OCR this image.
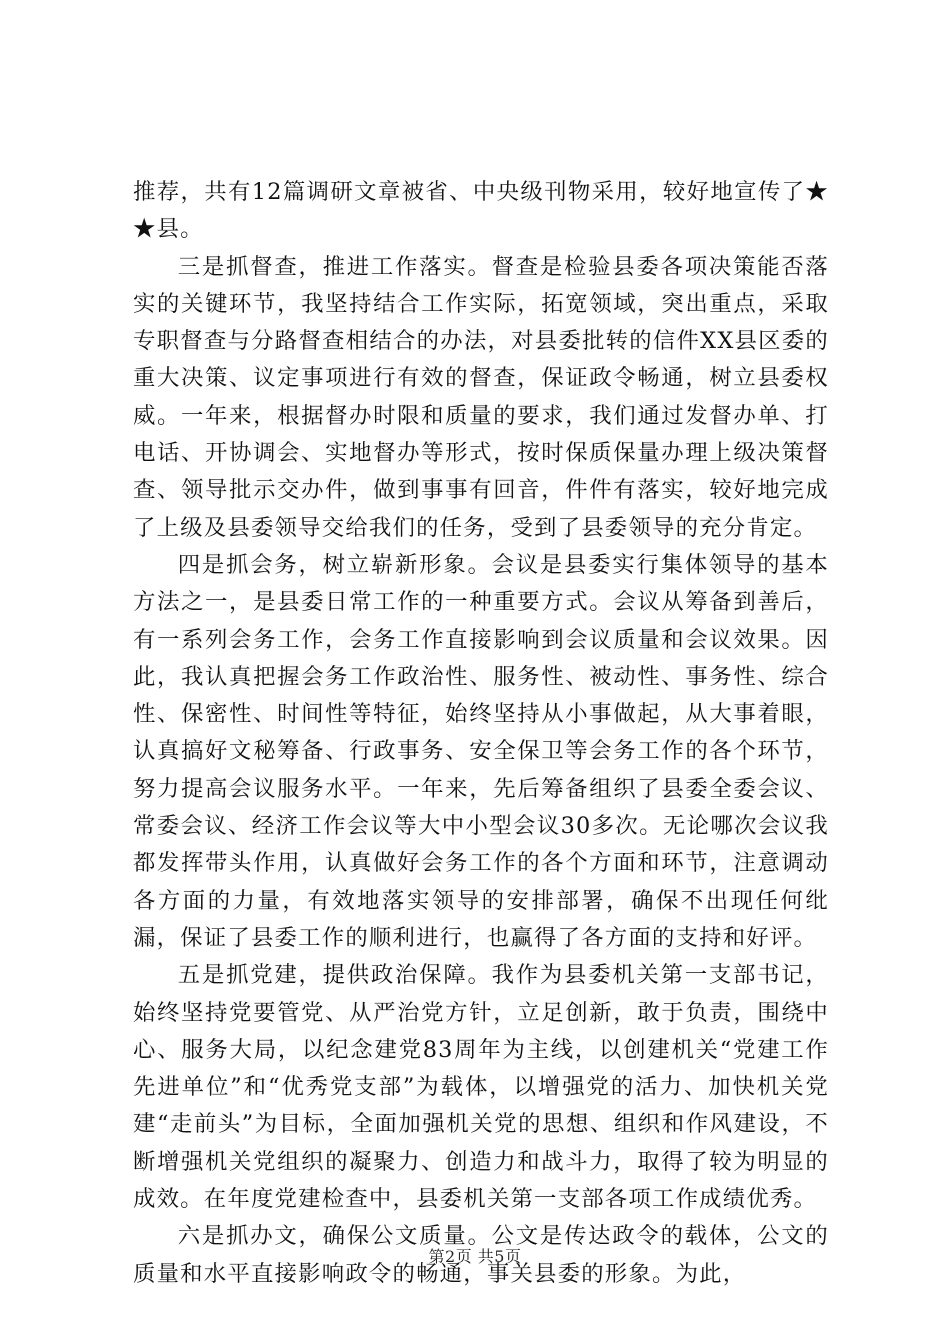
推荐，共有12篇调研文章被省、中央级刊物采用，较好地宣传了★★县。

三是抓督查，推进工作落实。督查是检验县委各项决策能否落实的关键环节，我坚持结合工作实际，拓宽领域，突出重点，采取专职督查与分路督查相结合的办法，对县委批转的信件XX县区委的重大决策、议定事项进行有效的督查，保证政令畅通，树立县委权威。一年来，根据督办时限和质量的要求，我们通过发督办单、打电话、开协调会、实地督办等形式，按时保质保量办理上级决策督查、领导批示交办件，做到事事有回音，件件有落实，较好地完成了上级及县委领导交给我们的任务，受到了县委领导的充分肯定。

四是抓会务，树立崭新形象。会议是县委实行集体领导的基本方法之一，是县委日常工作的一种重要方式。会议从筹备到善后，有一系列会务工作，会务工作直接影响到会议质量和会议效果。因此，我认真把握会务工作政治性、服务性、被动性、事务性、综合性、保密性、时间性等特征，始终坚持从小事做起，从大事着眼，认真搞好文秘筹备、行政事务、安全保卫等会务工作的各个环节，努力提高会议服务水平。一年来，先后筹备组织了县委全委会议、常委会议、经济工作会议等大中小型会议30多次。无论哪次会议我都发挥带头作用，认真做好会务工作的各个方面和环节，注意调动各方面的力量，有效地落实领导的安排部署，确保不出现任何纰漏，保证了县委工作的顺利进行，也赢得了各方面的支持和好评。

五是抓党建，提供政治保障。我作为县委机关第一支部书记，始终坚持党要管党、从严治党方针，立足创新，敢于负责，围绕中心、服务大局，以纪念建党83周年为主线，以创建机关“党建工作先进单位”和“优秀党支部”为载体，以增强党的活力、加快机关党建“走前头”为目标，全面加强机关党的思想、组织和作风建设，不断增强机关党组织的凝聚力、创造力和战斗力，取得了较为明显的成效。在年度党建检查中，县委机关第一支部各项工作成绩优秀。

六是抓办文，确保公文质量。公文是传达政令的载体，公文的质量和水平直接影响政令的畅通，事关县委的形象。为此，

第2页 共5页
